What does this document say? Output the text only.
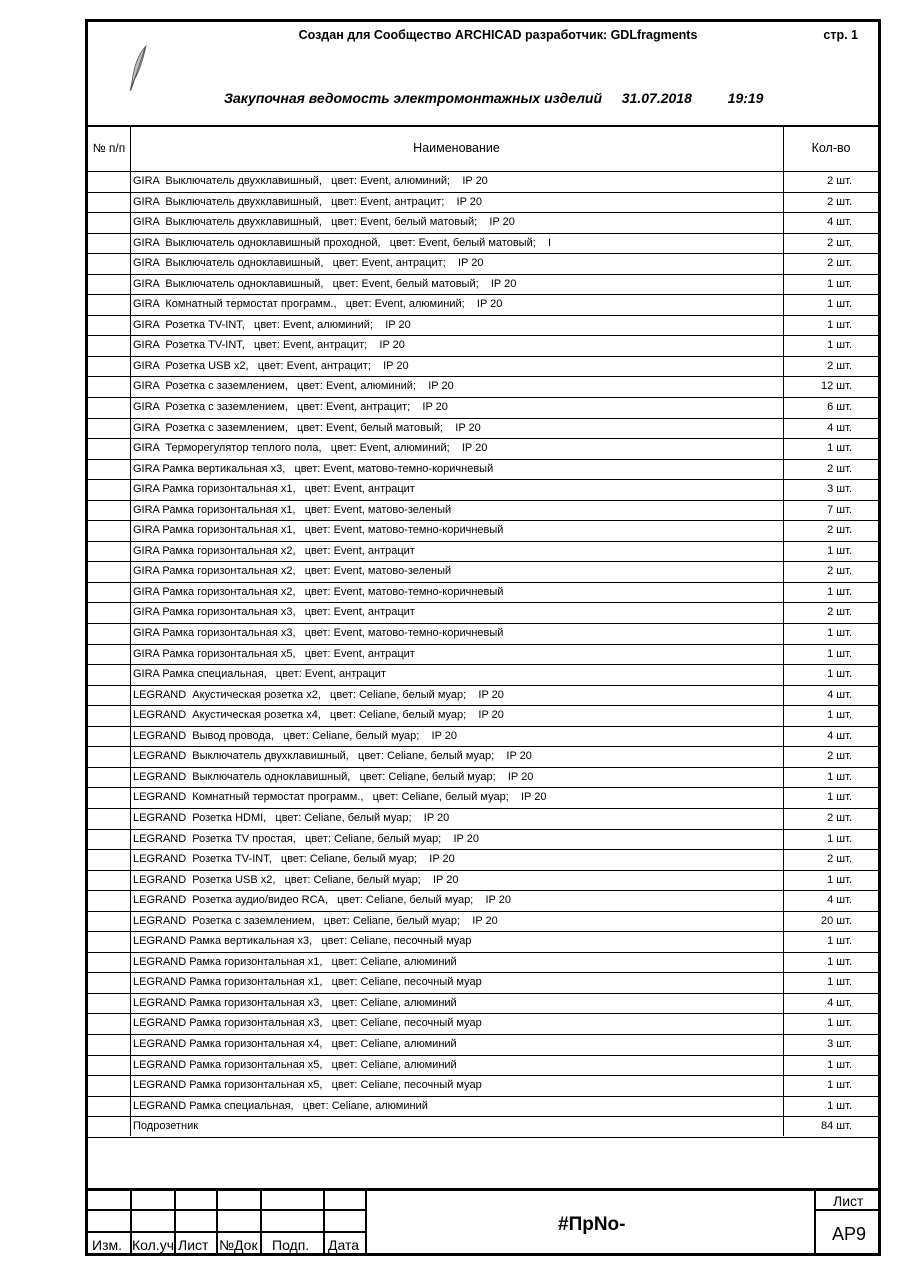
Создан для Сообщество ARCHICAD разработчик: GDLfragments	стр. 1
Закупочная ведомость электромонтажных изделий 31.07.2018	19:19
№ п/п	Наименование	Кол-во
GIRA  Выключатель двухклавишный,   цвет: Event, алюминий;    IP 20	2 шт.
GIRA  Выключатель двухклавишный,   цвет: Event, антрацит;    IP 20	2 шт.
GIRA  Выключатель двухклавишный,   цвет: Event, белый матовый;    IP 20	4 шт.
GIRA  Выключатель одноклавишный проходной,   цвет: Event, белый матовый;    I	2 шт.
GIRA  Выключатель одноклавишный,   цвет: Event, антрацит;    IP 20	2 шт.
GIRA  Выключатель одноклавишный,   цвет: Event, белый матовый;    IP 20	1 шт.
GIRA  Комнатный термостат программ.,   цвет: Event, алюминий;    IP 20	1 шт.
GIRA  Розетка TV-INT,   цвет: Event, алюминий;    IP 20	1 шт.
GIRA  Розетка TV-INT,   цвет: Event, антрацит;    IP 20	1 шт.
GIRA  Розетка USB x2,   цвет: Event, антрацит;    IP 20	2 шт.
GIRA  Розетка с заземлением,   цвет: Event, алюминий;    IP 20	12 шт.
GIRA  Розетка с заземлением,   цвет: Event, антрацит;    IP 20	6 шт.
GIRA  Розетка с заземлением,   цвет: Event, белый матовый;    IP 20	4 шт.
GIRA  Терморегулятор теплого пола,   цвет: Event, алюминий;    IP 20	1 шт.
GIRA Рамка вертикальная x3,   цвет: Event, матово-темно-коричневый	2 шт.
GIRA Рамка горизонтальная x1,   цвет: Event, антрацит	3 шт.
GIRA Рамка горизонтальная x1,   цвет: Event, матово-зеленый	7 шт.
GIRA Рамка горизонтальная x1,   цвет: Event, матово-темно-коричневый	2 шт.
GIRA Рамка горизонтальная x2,   цвет: Event, антрацит	1 шт.
GIRA Рамка горизонтальная x2,   цвет: Event, матово-зеленый	2 шт.
GIRA Рамка горизонтальная x2,   цвет: Event, матово-темно-коричневый	1 шт.
GIRA Рамка горизонтальная x3,   цвет: Event, антрацит	2 шт.
GIRA Рамка горизонтальная x3,   цвет: Event, матово-темно-коричневый	1 шт.
GIRA Рамка горизонтальная x5,   цвет: Event, антрацит	1 шт.
GIRA Рамка специальная,   цвет: Event, антрацит	1 шт.
LEGRAND  Акустическая розетка x2,   цвет: Celiane, белый муар;    IP 20	4 шт.
LEGRAND  Акустическая розетка x4,   цвет: Celiane, белый муар;    IP 20	1 шт.
LEGRAND  Вывод провода,   цвет: Celiane, белый муар;    IP 20	4 шт.
LEGRAND  Выключатель двухклавишный,   цвет: Celiane, белый муар;    IP 20	2 шт.
LEGRAND  Выключатель одноклавишный,   цвет: Celiane, белый муар;    IP 20	1 шт.
LEGRAND  Комнатный термостат программ.,   цвет: Celiane, белый муар;    IP 20	1 шт.
LEGRAND  Розетка HDMI,   цвет: Celiane, белый муар;    IP 20	2 шт.
LEGRAND  Розетка TV простая,   цвет: Celiane, белый муар;    IP 20	1 шт.
LEGRAND  Розетка TV-INT,   цвет: Celiane, белый муар;    IP 20	2 шт.
LEGRAND  Розетка USB x2,   цвет: Celiane, белый муар;    IP 20	1 шт.
LEGRAND  Розетка аудио/видео RCA,   цвет: Celiane, белый муар;    IP 20	4 шт.
LEGRAND  Розетка с заземлением,   цвет: Celiane, белый муар;    IP 20	20 шт.
LEGRAND Рамка вертикальная x3,   цвет: Celiane, песочный муар	1 шт.
LEGRAND Рамка горизонтальная x1,   цвет: Celiane, алюминий	1 шт.
LEGRAND Рамка горизонтальная x1,   цвет: Celiane, песочный муар	1 шт.
LEGRAND Рамка горизонтальная x3,   цвет: Celiane, алюминий	4 шт.
LEGRAND Рамка горизонтальная x3,   цвет: Celiane, песочный муар	1 шт.
LEGRAND Рамка горизонтальная x4,   цвет: Celiane, алюминий	3 шт.
LEGRAND Рамка горизонтальная x5,   цвет: Celiane, алюминий	1 шт.
LEGRAND Рамка горизонтальная x5,   цвет: Celiane, песочный муар	1 шт.
LEGRAND Рамка специальная,   цвет: Celiane, алюминий	1 шт.
Подрозетник	84 шт.
Изм. Кол.уч Лист №Док Подп. Дата
#ПрNo-
Лист
AP9
